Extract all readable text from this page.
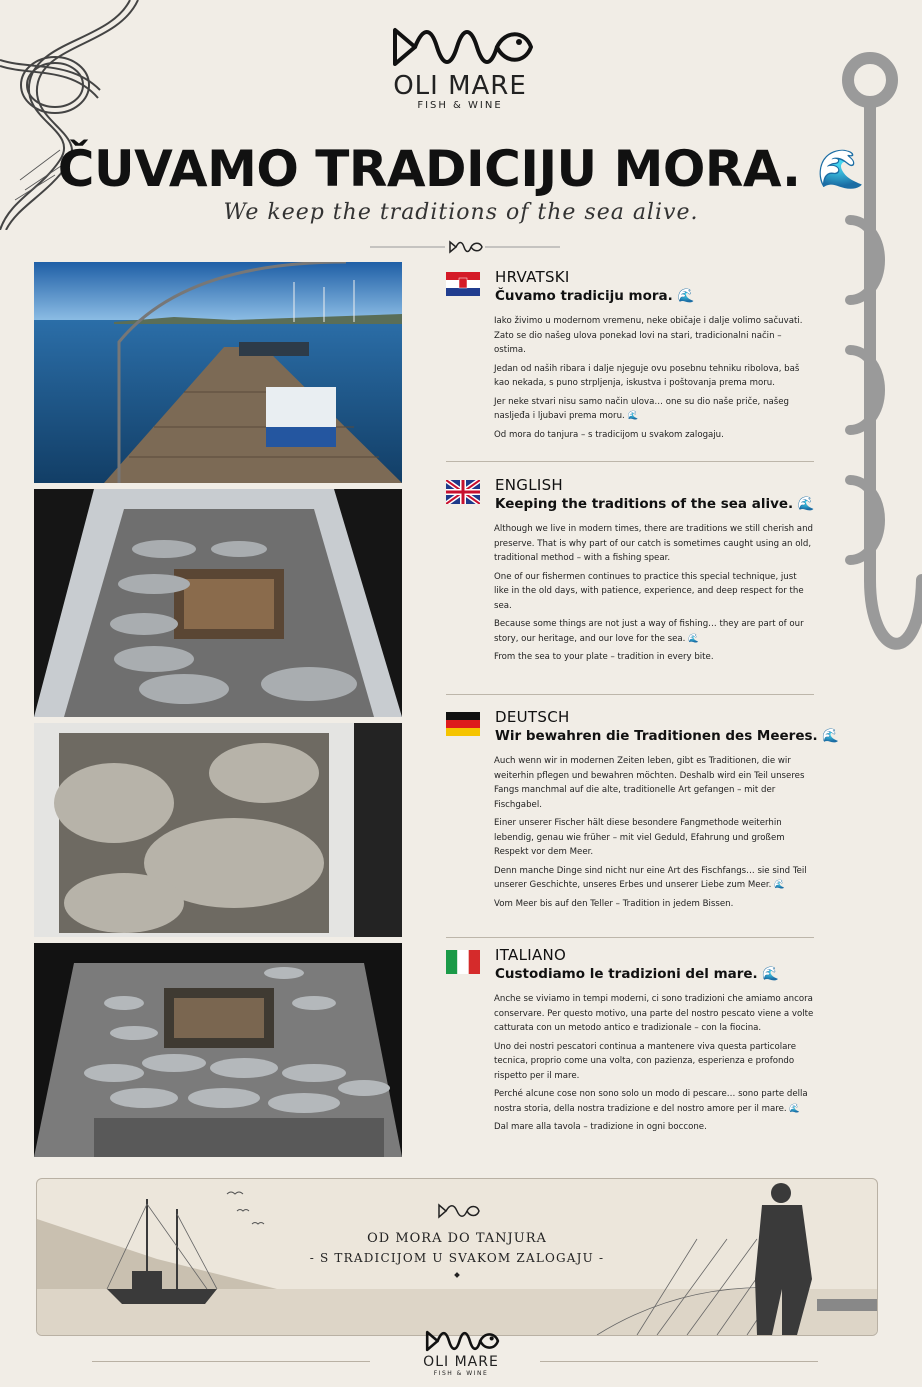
OLI MARE
FISH & WINE
ČUVAMO TRADICIJU MORA. 🌊
We keep the traditions of the sea alive.
HRVATSKI
Čuvamo tradiciju mora. 🌊

Iako živimo u modernom vremenu, neke običaje i dalje volimo sačuvati. Zato se dio našeg ulova ponekad lovi na stari, tradicionalni način – ostima.

Jedan od naših ribara i dalje njeguje ovu posebnu tehniku ribolova, baš kao nekada, s puno strpljenja, iskustva i poštovanja prema moru.

Jer neke stvari nisu samo način ulova… one su dio naše priče, našeg nasljeđa i ljubavi prema moru. 🌊

Od mora do tanjura – s tradicijom u svakom zalogaju.

ENGLISH
Keeping the traditions of the sea alive. 🌊

Although we live in modern times, there are traditions we still cherish and preserve. That is why part of our catch is sometimes caught using an old, traditional method – with a fishing spear.

One of our fishermen continues to practice this special technique, just like in the old days, with patience, experience, and deep respect for the sea.

Because some things are not just a way of fishing… they are part of our story, our heritage, and our love for the sea. 🌊

From the sea to your plate – tradition in every bite.

DEUTSCH
Wir bewahren die Traditionen des Meeres. 🌊

Auch wenn wir in modernen Zeiten leben, gibt es Traditionen, die wir weiterhin pflegen und bewahren möchten. Deshalb wird ein Teil unseres Fangs manchmal auf die alte, traditionelle Art gefangen – mit der Fischgabel.

Einer unserer Fischer hält diese besondere Fangmethode weiterhin lebendig, genau wie früher – mit viel Geduld, Efahrung und großem Respekt vor dem Meer.

Denn manche Dinge sind nicht nur eine Art des Fischfangs… sie sind Teil unserer Geschichte, unseres Erbes und unserer Liebe zum Meer. 🌊

Vom Meer bis auf den Teller – Tradition in jedem Bissen.

ITALIANO
Custodiamo le tradizioni del mare. 🌊

Anche se viviamo in tempi moderni, ci sono tradizioni che amiamo ancora conservare. Per questo motivo, una parte del nostro pescato viene a volte catturata con un metodo antico e tradizionale – con la fiocina.

Uno dei nostri pescatori continua a mantenere viva questa particolare tecnica, proprio come una volta, con pazienza, esperienza e profondo rispetto per il mare.

Perché alcune cose non sono solo un modo di pescare… sono parte della nostra storia, della nostra tradizione e del nostro amore per il mare. 🌊

Dal mare alla tavola – tradizione in ogni boccone.

OD MORA DO TANJURA
- S TRADICIJOM U SVAKOM ZALOGAJU -
OLI MARE
FISH & WINE
